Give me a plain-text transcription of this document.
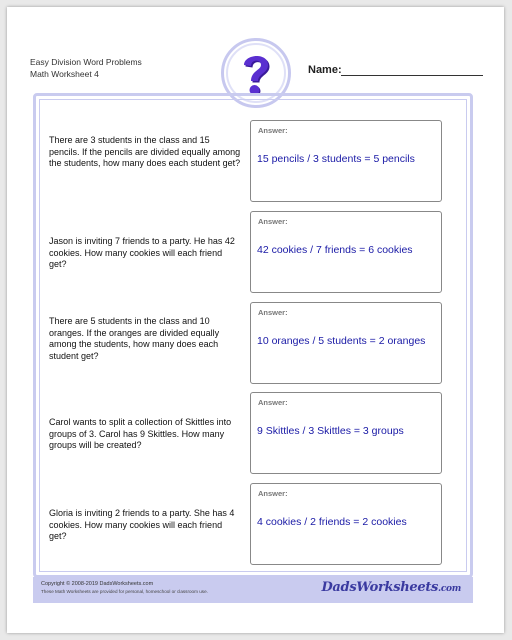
Easy Division Word Problems
Math Worksheet 4	Name:
There are 3 students in the class and 15 pencils. If the pencils are divided equally among the students, how many does each student get?
Answer:
15 pencils / 3 students = 5 pencils
Jason is inviting 7 friends to a party. He has 42 cookies. How many cookies will each friend get?
Answer:
42 cookies / 7 friends = 6 cookies
There are 5 students in the class and 10 oranges. If the oranges are divided equally among the students, how many does each student get?
Answer:
10 oranges / 5 students = 2 oranges
Carol wants to split a collection of Skittles into groups of 3. Carol has 9 Skittles. How many groups will be created?
Answer:
9 Skittles / 3 Skittles = 3 groups
Gloria is inviting 2 friends to a party. She has 4 cookies. How many cookies will each friend get?
Answer:
4 cookies / 2 friends = 2 cookies
Copyright © 2008-2019 DadsWorksheets.com
These Math Worksheets are provided for personal, homeschool or classroom use.	DadsWorksheets.com
